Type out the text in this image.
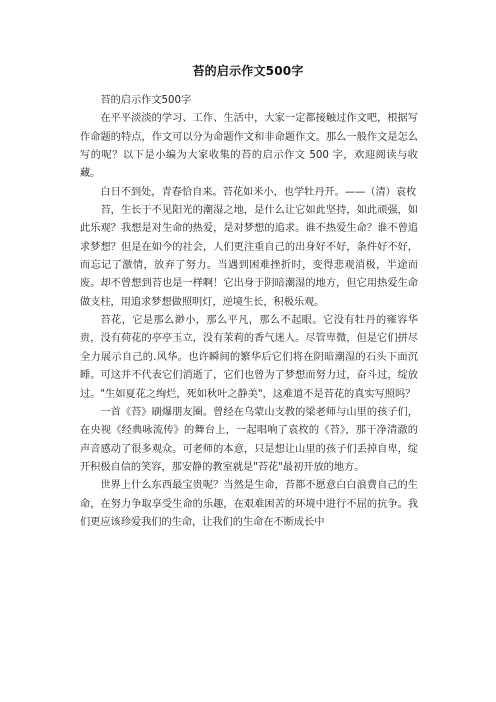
苔的启示作文500字

苔的启示作文500字

在平平淡淡的学习、工作、生活中，大家一定都接触过作文吧，根据写作命题的特点，作文可以分为命题作文和非命题作文。那么一般作文是怎么写的呢？以下是小编为大家收集的苔的启示作文 500 字，欢迎阅读与收藏。

白日不到处，青春恰自来。苔花如米小，也学牡丹开。——（清）袁枚

苔，生长于不见阳光的潮湿之地，是什么让它如此坚持，如此顽强，如此乐观？我想是对生命的热爱，是对梦想的追求。谁不热爱生命？谁不曾追求梦想？但是在如今的社会，人们更注重自己的出身好不好，条件好不好，而忘记了激情，放弃了努力。当遇到困难挫折时，变得悲观消极，半途而废。却不曾想到苔也是一样啊！它出身于阴暗潮湿的地方，但它用热爱生命做支柱，用追求梦想做照明灯，逆境生长，积极乐观。

苔花，它是那么渺小，那么平凡，那么不起眼。它没有牡丹的雍容华贵，没有荷花的亭亭玉立，没有茉莉的香气迷人。尽管卑微，但是它们拼尽全力展示自己的.风华。也许瞬间的繁华后它们将在阴暗潮湿的石头下面沉睡。可这并不代表它们消逝了，它们也曾为了梦想而努力过，奋斗过，绽放过。"生如夏花之绚烂，死如秋叶之静美"，这难道不是苔花的真实写照吗？

一首《苔》刷爆朋友圈。曾经在乌蒙山支教的梁老师与山里的孩子们，在央视《经典咏流传》的舞台上，一起唱响了袁枚的《苔》，那干净清澈的声音感动了很多观众。可老师的本意，只是想让山里的孩子们丢掉自卑，绽开积极自信的笑容，那安静的教室就是"苔花"最初开放的地方。

世界上什么东西最宝贵呢？当然是生命，苔都不愿意白白浪费自己的生命，在努力争取享受生命的乐趣，在艰难困苦的环境中进行不屈的抗争。我们更应该珍爱我们的生命，让我们的生命在不断成长中
